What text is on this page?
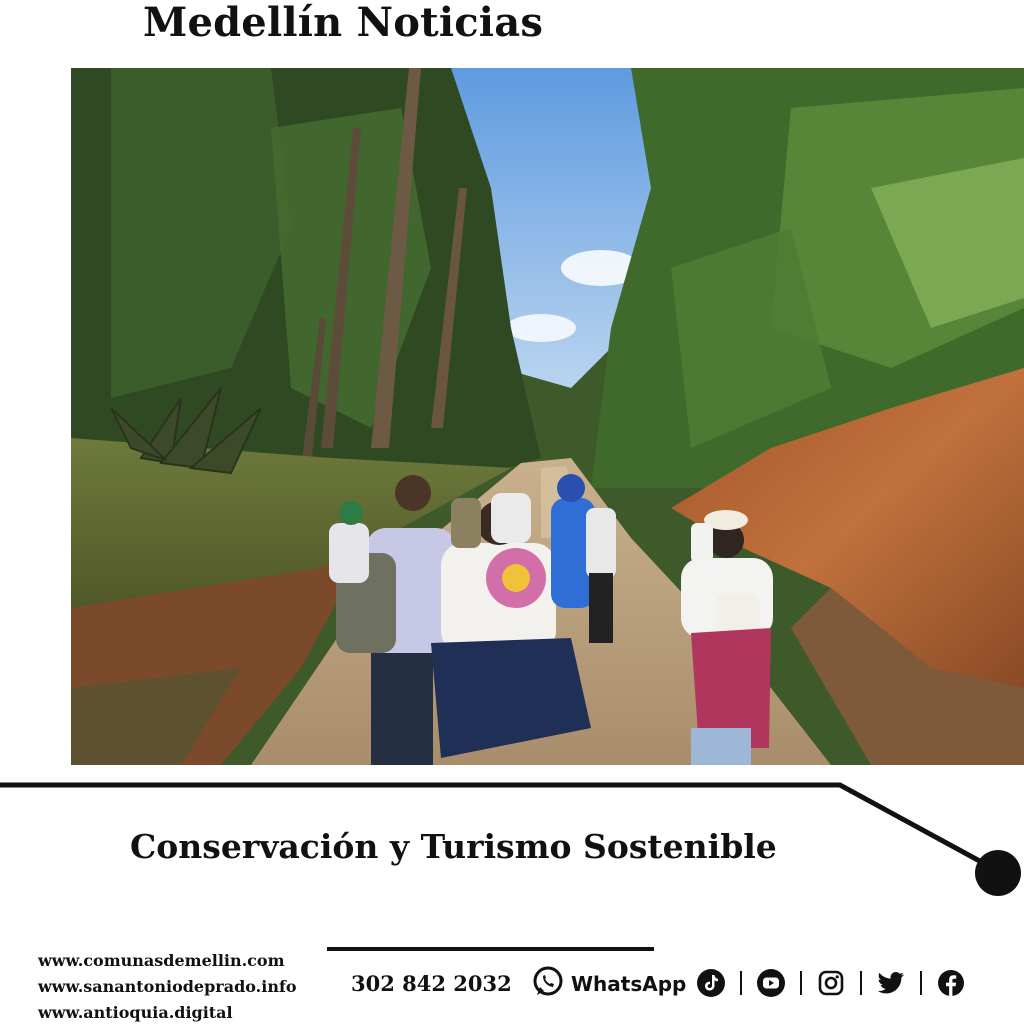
Medellín Noticias
Conservación y Turismo Sostenible
www.comunasdemellin.com
www.sanantoniodeprado.info
www.antioquia.digital
302 842 2032	WhatsApp
